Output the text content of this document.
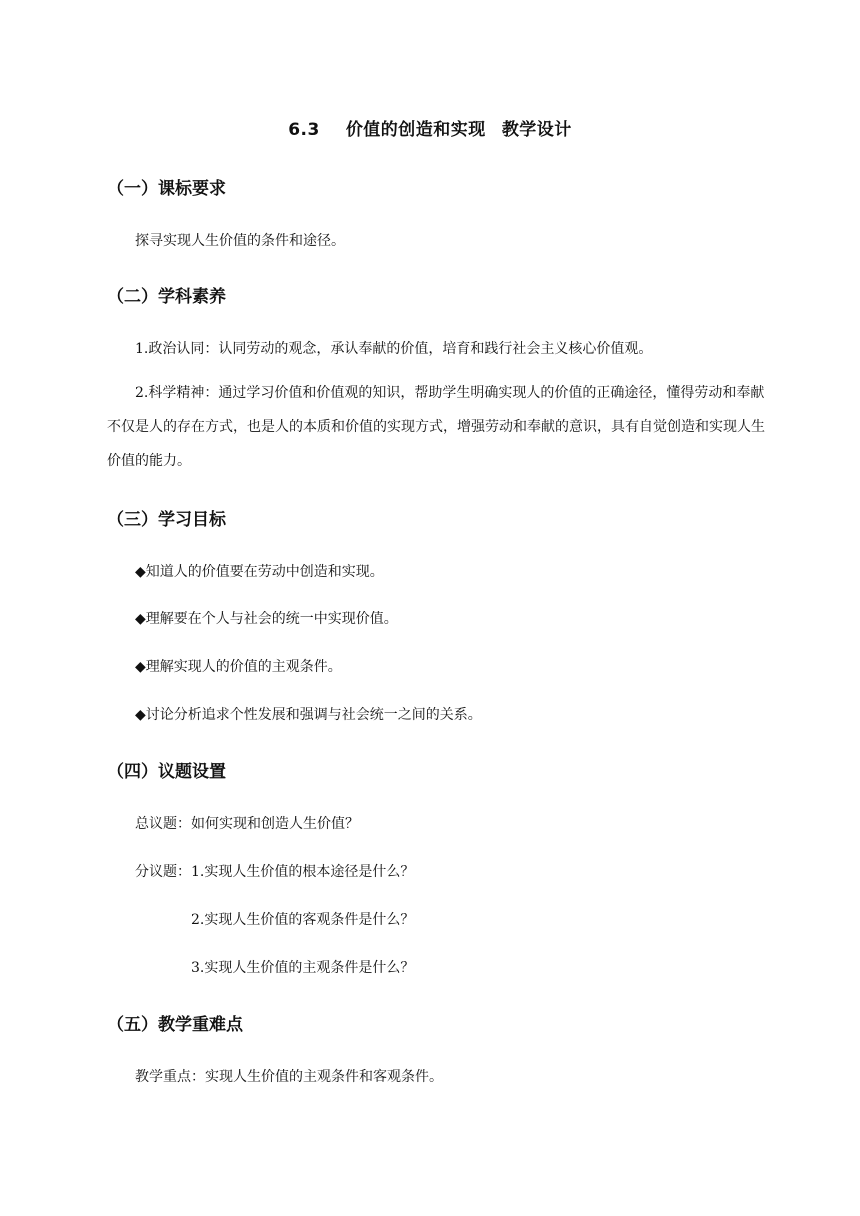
6.3 价值的创造和实现 教学设计
（一）课标要求
探寻实现人生价值的条件和途径。
（二）学科素养
1.政治认同：认同劳动的观念，承认奉献的价值，培育和践行社会主义核心价值观。
2.科学精神：通过学习价值和价值观的知识，帮助学生明确实现人的价值的正确途径，懂得劳动和奉献不仅是人的存在方式，也是人的本质和价值的实现方式，增强劳动和奉献的意识，具有自觉创造和实现人生价值的能力。
（三）学习目标
◆知道人的价值要在劳动中创造和实现。
◆理解要在个人与社会的统一中实现价值。
◆理解实现人的价值的主观条件。
◆讨论分析追求个性发展和强调与社会统一之间的关系。
（四）议题设置
总议题：如何实现和创造人生价值？
分议题： 1.实现人生价值的根本途径是什么？
2.实现人生价值的客观条件是什么？
3.实现人生价值的主观条件是什么？
（五）教学重难点
教学重点：实现人生价值的主观条件和客观条件。
